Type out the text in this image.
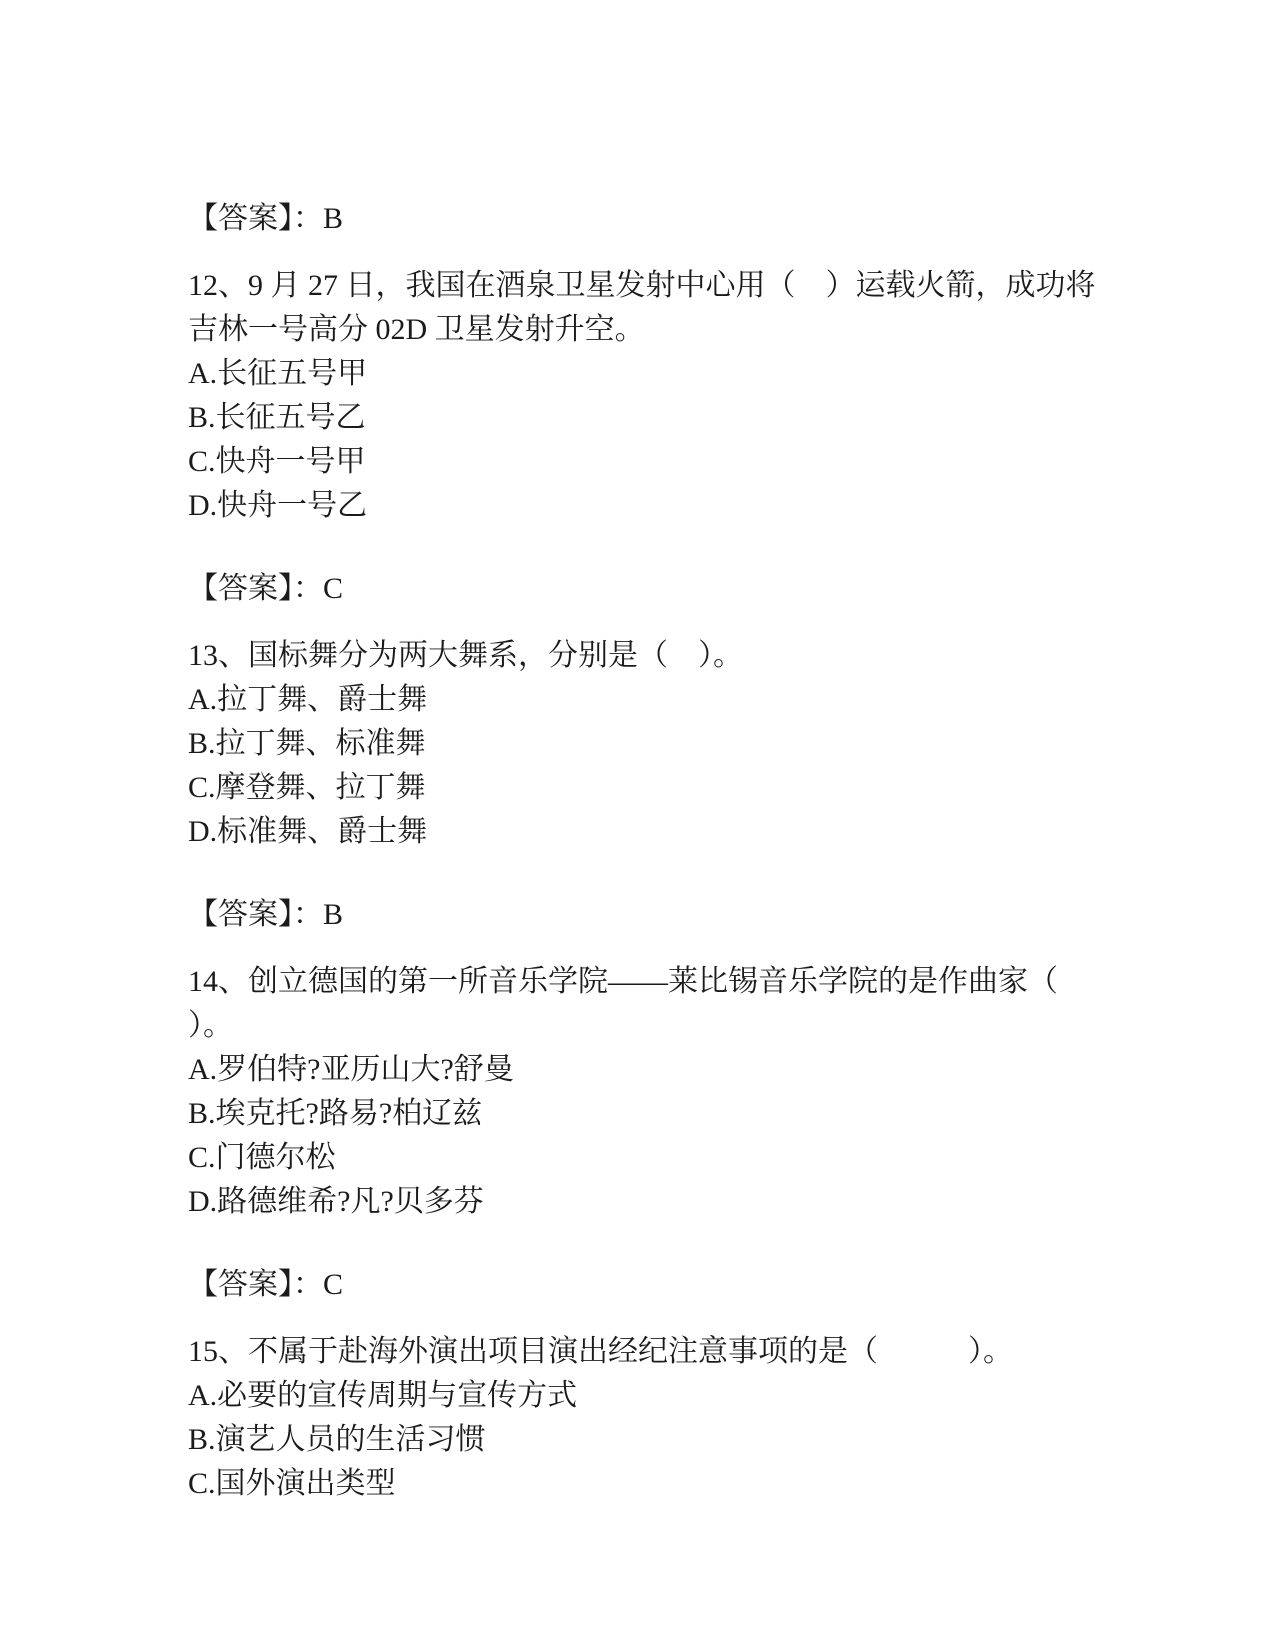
【答案】：B

12、9 月 27 日，我国在酒泉卫星发射中心用（　）运载火箭，成功将

吉林一号高分 02D 卫星发射升空。

A.长征五号甲

B.长征五号乙

C.快舟一号甲

D.快舟一号乙

【答案】：C

13、国标舞分为两大舞系，分别是（　）。

A.拉丁舞、爵士舞

B.拉丁舞、标准舞

C.摩登舞、拉丁舞

D.标准舞、爵士舞

【答案】：B

14、创立德国的第一所音乐学院——莱比锡音乐学院的是作曲家（

）。

A.罗伯特?亚历山大?舒曼

B.埃克托?路易?柏辽兹

C.门德尔松

D.路德维希?凡?贝多芬

【答案】：C

15、不属于赴海外演出项目演出经纪注意事项的是（　　　）。

A.必要的宣传周期与宣传方式

B.演艺人员的生活习惯

C.国外演出类型
